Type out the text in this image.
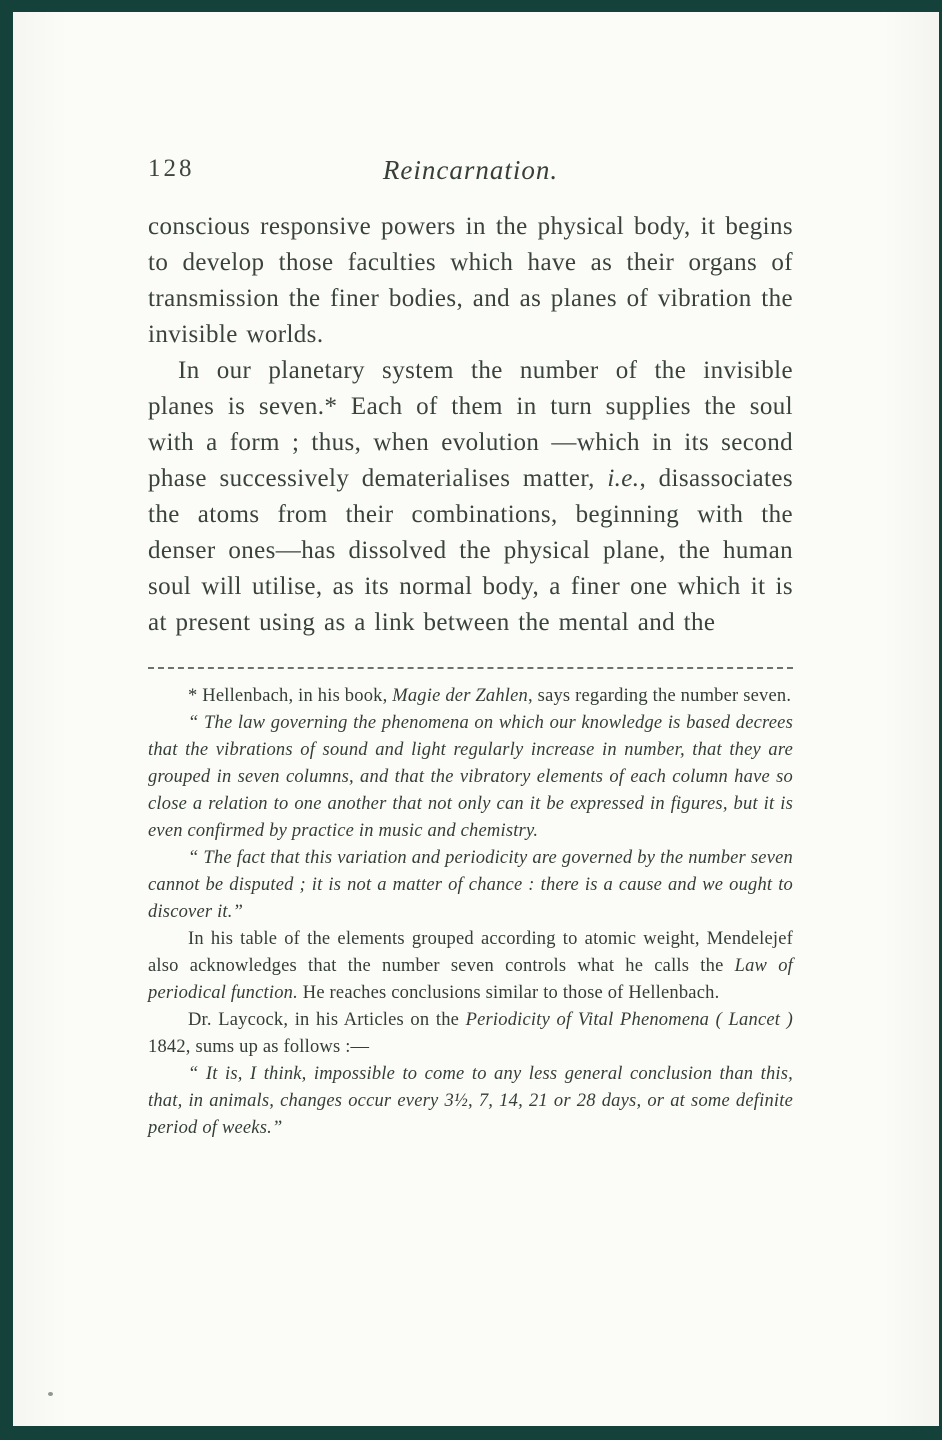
128	Reincarnation.

conscious responsive powers in the physical body, it begins to develop those faculties which have as their organs of transmission the finer bodies, and as planes of vibration the invisible worlds.

In our planetary system the number of the invisible planes is seven.* Each of them in turn supplies the soul with a form ; thus, when evolution —which in its second phase successively dematerialises matter, i.e., disassociates the atoms from their combinations, beginning with the denser ones—has dissolved the physical plane, the human soul will utilise, as its normal body, a finer one which it is at present using as a link between the mental and the

* Hellenbach, in his book, Magie der Zahlen, says regarding the number seven.

“ The law governing the phenomena on which our knowledge is based decrees that the vibrations of sound and light regularly increase in number, that they are grouped in seven columns, and that the vibratory elements of each column have so close a relation to one another that not only can it be expressed in figures, but it is even confirmed by practice in music and chemistry.

“ The fact that this variation and periodicity are governed by the number seven cannot be disputed ; it is not a matter of chance : there is a cause and we ought to discover it.”

In his table of the elements grouped according to atomic weight, Mendelejef also acknowledges that the number seven controls what he calls the Law of periodical function. He reaches conclusions similar to those of Hellenbach.

Dr. Laycock, in his Articles on the Periodicity of Vital Phenomena ( Lancet ) 1842, sums up as follows :—

“ It is, I think, impossible to come to any less general conclusion than this, that, in animals, changes occur every 3½, 7, 14, 21 or 28 days, or at some definite period of weeks.”
